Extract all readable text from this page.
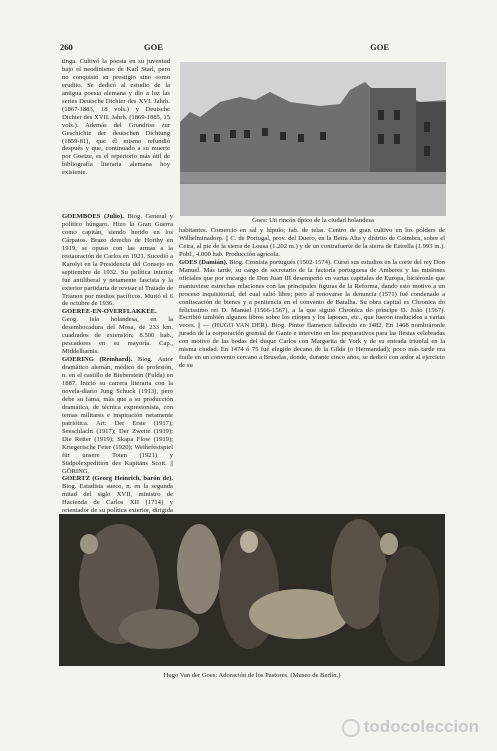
260	GOE	GOE

tinga. Cultivó la poesía en su juventud bajo el neodinismo de Karl Starl, pero no conquistó su prestigio sino como erudito. Se dedicó al estudio de la antigua poesía alemana y dio a luz las series Deutsche Dichter des XVI. Jahrh. (1867-1883, 18 vols.) y Deutsche Dichter des XVII. Jahrh. (1869-1885, 15 vols.). Además del Grundriss zur Geschichte der deutschen Dichtung (1859-81), que él mismo refundió después y que, continuado a su muerte por Goetze, es el repertorio más útil de bibliografía literaria alemana hoy existente.

Goes: Un rincón típico de la ciudad holandesa

GOEMBOES (Julio). Biog. General y político húngaro. Hizo la Gran Guerra como capitán, siendo herido en los Cárpatos. Brazo derecho de Horthy en 1919, se opuso con las armas a la restauración de Carlos en 1921. Sucedió a Karolyi en la Presidencia del Consejo en septiembre de 1932. Su política interior fué antiliberal y netamente fascista y la exterior partidaria de revisar el Tratado de Trianon por medios pacíficos. Murió el 6 de octubre de 1936.

GOEREE-EN-OVERFLAKKEE. Geog. Isla holandesa, en la desembocadura del Mosa, de 233 km. cuadrados de extensión; 8.500 hab., pescadores en su mayoría. Cap., Middelharnis.

GOERING (Reinhard). Biog. Autor dramático alemán, médico de profesión, n. en el castillo de Bieberstein (Fulda) en 1887. Inició su carrera literaria con la novela-diario Jung Schuck (1913), pero debe su fama, más que a su producción dramática, de técnica expresionista, con temas militares e inspiración netamente patriótica. Art: Der Erste (1917); Seeschlacht (1917); Der Zweite (1919); Die Retter (1919); Skapa Flow (1919); Kriegerische Feier (1920); Weihefestspiel für unsere Toten (1921) y Südpolexpedition des Kapitäns Scott. || GÖRING.

GOERTZ (Georg Heinrich, barón de). Biog. Estadista sueco, n. en la segunda mitad del siglo XVII, ministro de Hacienda de Carlos XII (1714) y orientador de su política exterior, dirigida

habitantes. Comercio en sal y lúpulo; fab. de telas. Centro de gran cultivo en los pólders de Wilhelminadorp. || C. de Portugal, prov. del Duero, en la Beira Alta y distrito de Coimbra, sobre el Ceira, al pie de la sierra de Lousa (1.202 m.) y de un contrafuerte de la sierra de Estrella (1.993 m.). Pobl., 4.000 hab. Producción agrícola.

GOES (Damián). Biog. Cronista portugués (1502-1574). Cursó sus estudios en la corte del rey Don Manuel. Más tarde, su cargo de secretario de la factoría portuguesa de Amberes y las misiones oficiales que por encargo de Don Juan III desempeñó en varias capitales de Europa, hiciéronle que mantuviese estrechas relaciones con las principales figuras de la Reforma, dando esto motivo a un proceso inquisitorial, del cual salió libre; pero al renovarse la denuncia (1571) fué condenado a confiscación de bienes y a penitencia en el convento de Batalha. Su obra capital es Chronica do felicissimo rei D. Manuel (1566-1567), a la que siguió Chronica do príncipe D. João (1567). Escribió también algunos libros sobre los etíopes y los lapones, etc., que fueron traducidos a varias veces. || — (HUGO VAN DER). Biog. Pintor flamenco fallecido en 1482. En 1468 nombráronle jurado de la corporación gremial de Gante e intervino en los preparativos para las fiestas celebradas con motivo de las bodas del duque Carlos con Margarita de York y de su entrada triunfal en la misma ciudad. En 1474 ó 75 fué elegido decano de la Gilda (o Hermandad); poco más tarde era fraile en un convento cercano a Bruselas, donde, durante cinco años, se dedicó con ardor al ejercicio de su

Hugo Van der Goes: Adoración de los Pastores. (Museo de Berlín.)
todocoleccion
